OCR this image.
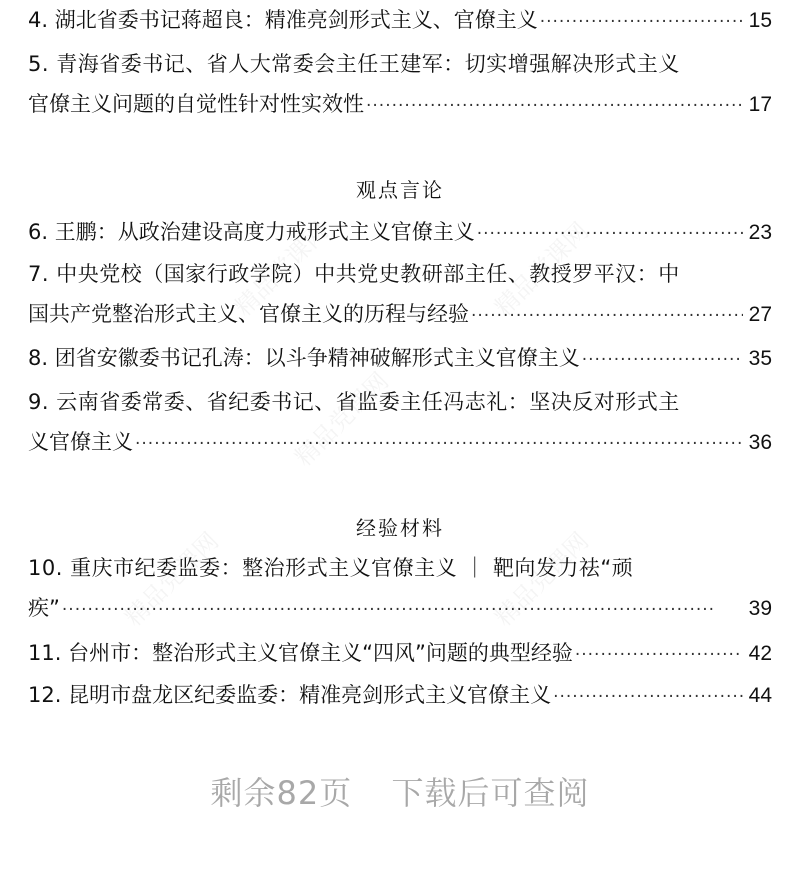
精品党课网	精品党课网
精品党课网
精品党课网	精品党课网
4. 湖北省委书记蒋超良：精准亮剑形式主义、官僚主义 ·····	15
5. 青海省委书记、省人大常委会主任王建军：切实增强解决形式主义
官僚主义问题的自觉性针对性实效性 ·····	17
观点言论
6. 王鹏：从政治建设高度力戒形式主义官僚主义 ·····	23
7. 中央党校（国家行政学院）中共党史教研部主任、教授罗平汉：中
国共产党整治形式主义、官僚主义的历程与经验 ·····	27
8. 团省安徽委书记孔涛：以斗争精神破解形式主义官僚主义 ·····	35
9. 云南省委常委、省纪委书记、省监委主任冯志礼：坚决反对形式主
义官僚主义 ·····	36
经验材料
10. 重庆市纪委监委：整治形式主义官僚主义 ｜ 靶向发力祛“顽
疾” ·····	39
11. 台州市：整治形式主义官僚主义“四风”问题的典型经验 ·····	42
12. 昆明市盘龙区纪委监委：精准亮剑形式主义官僚主义 ·····	44
剩余82页 下载后可查阅
